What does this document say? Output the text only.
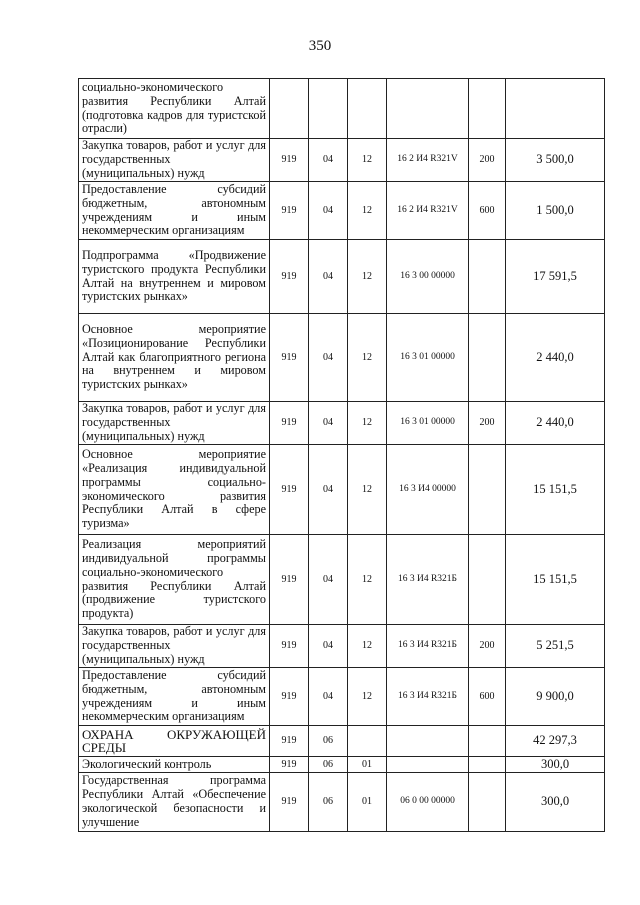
350
социально-экономического развития Республики Алтай (подготовка кадров для туристской отрасли)						
Закупка товаров, работ и услуг для государственных (муниципальных) нужд	919	04	12	16 2 И4 R321V	200	3 500,0
Предоставление субсидий бюджетным, автономным учреждениям и иным некоммерческим организациям	919	04	12	16 2 И4 R321V	600	1 500,0
Подпрограмма «Продвижение туристского продукта Республики Алтай на внутреннем и мировом туристских рынках»	919	04	12	16 3 00 00000		17 591,5
Основное мероприятие «Позиционирование Республики Алтай как благоприятного региона на внутреннем и мировом туристских рынках»	919	04	12	16 3 01 00000		2 440,0
Закупка товаров, работ и услуг для государственных (муниципальных) нужд	919	04	12	16 3 01 00000	200	2 440,0
Основное мероприятие «Реализация индивидуальной программы социально-экономического развития Республики Алтай в сфере туризма»	919	04	12	16 3 И4 00000		15 151,5
Реализация мероприятий индивидуальной программы социально-экономического развития Республики Алтай (продвижение туристского продукта)	919	04	12	16 3 И4 R321Б		15 151,5
Закупка товаров, работ и услуг для государственных (муниципальных) нужд	919	04	12	16 3 И4 R321Б	200	5 251,5
Предоставление субсидий бюджетным, автономным учреждениям и иным некоммерческим организациям	919	04	12	16 3 И4 R321Б	600	9 900,0
ОХРАНА ОКРУЖАЮЩЕЙ СРЕДЫ	919	06				42 297,3
Экологический контроль	919	06	01			300,0
Государственная программа Республики Алтай «Обеспечение экологической безопасности и улучшение	919	06	01	06 0 00 00000		300,0
